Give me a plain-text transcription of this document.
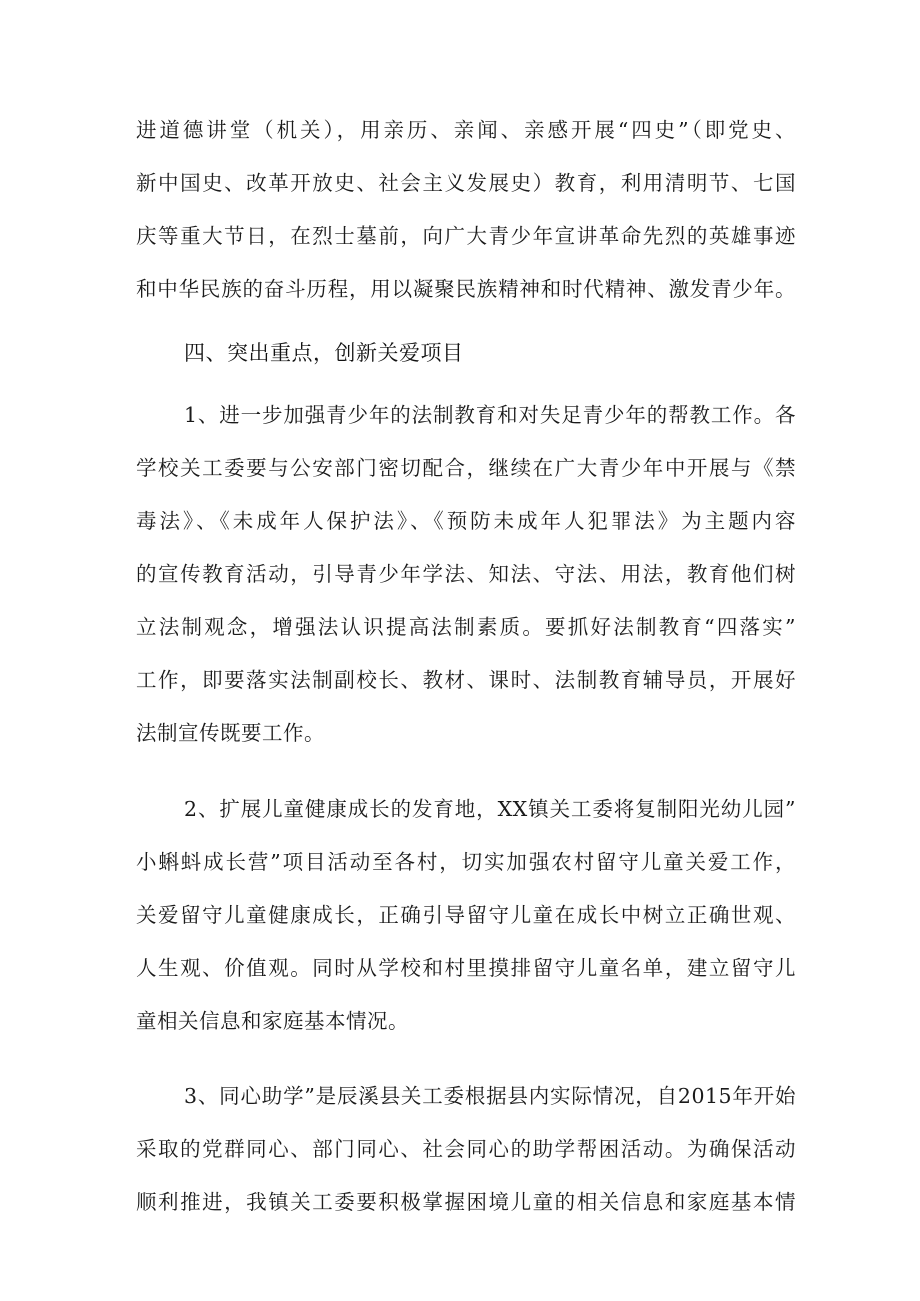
进道德讲堂（机关），用亲历、亲闻、亲感开展“四史”（即党史、
新中国史、改革开放史、社会主义发展史）教育，利用清明节、七国
庆等重大节日，在烈士墓前，向广大青少年宣讲革命先烈的英雄事迹
和中华民族的奋斗历程，用以凝聚民族精神和时代精神、激发青少年。
四、突出重点，创新关爱项目
1、进一步加强青少年的法制教育和对失足青少年的帮教工作。各
学校关工委要与公安部门密切配合，继续在广大青少年中开展与《禁
毒法》、《未成年人保护法》、《预防未成年人犯罪法》为主题内容
的宣传教育活动，引导青少年学法、知法、守法、用法，教育他们树
立法制观念，增强法认识提高法制素质。要抓好法制教育“四落实”
工作，即要落实法制副校长、教材、课时、法制教育辅导员，开展好
法制宣传既要工作。
2、扩展儿童健康成长的发育地，XX镇关工委将复制阳光幼儿园”
小蝌蚪成长营”项目活动至各村，切实加强农村留守儿童关爱工作，
关爱留守儿童健康成长，正确引导留守儿童在成长中树立正确世观、
人生观、价值观。同时从学校和村里摸排留守儿童名单，建立留守儿
童相关信息和家庭基本情况。
3、同心助学”是辰溪县关工委根据县内实际情况，自2015年开始
采取的党群同心、部门同心、社会同心的助学帮困活动。为确保活动
顺利推进，我镇关工委要积极掌握困境儿童的相关信息和家庭基本情
